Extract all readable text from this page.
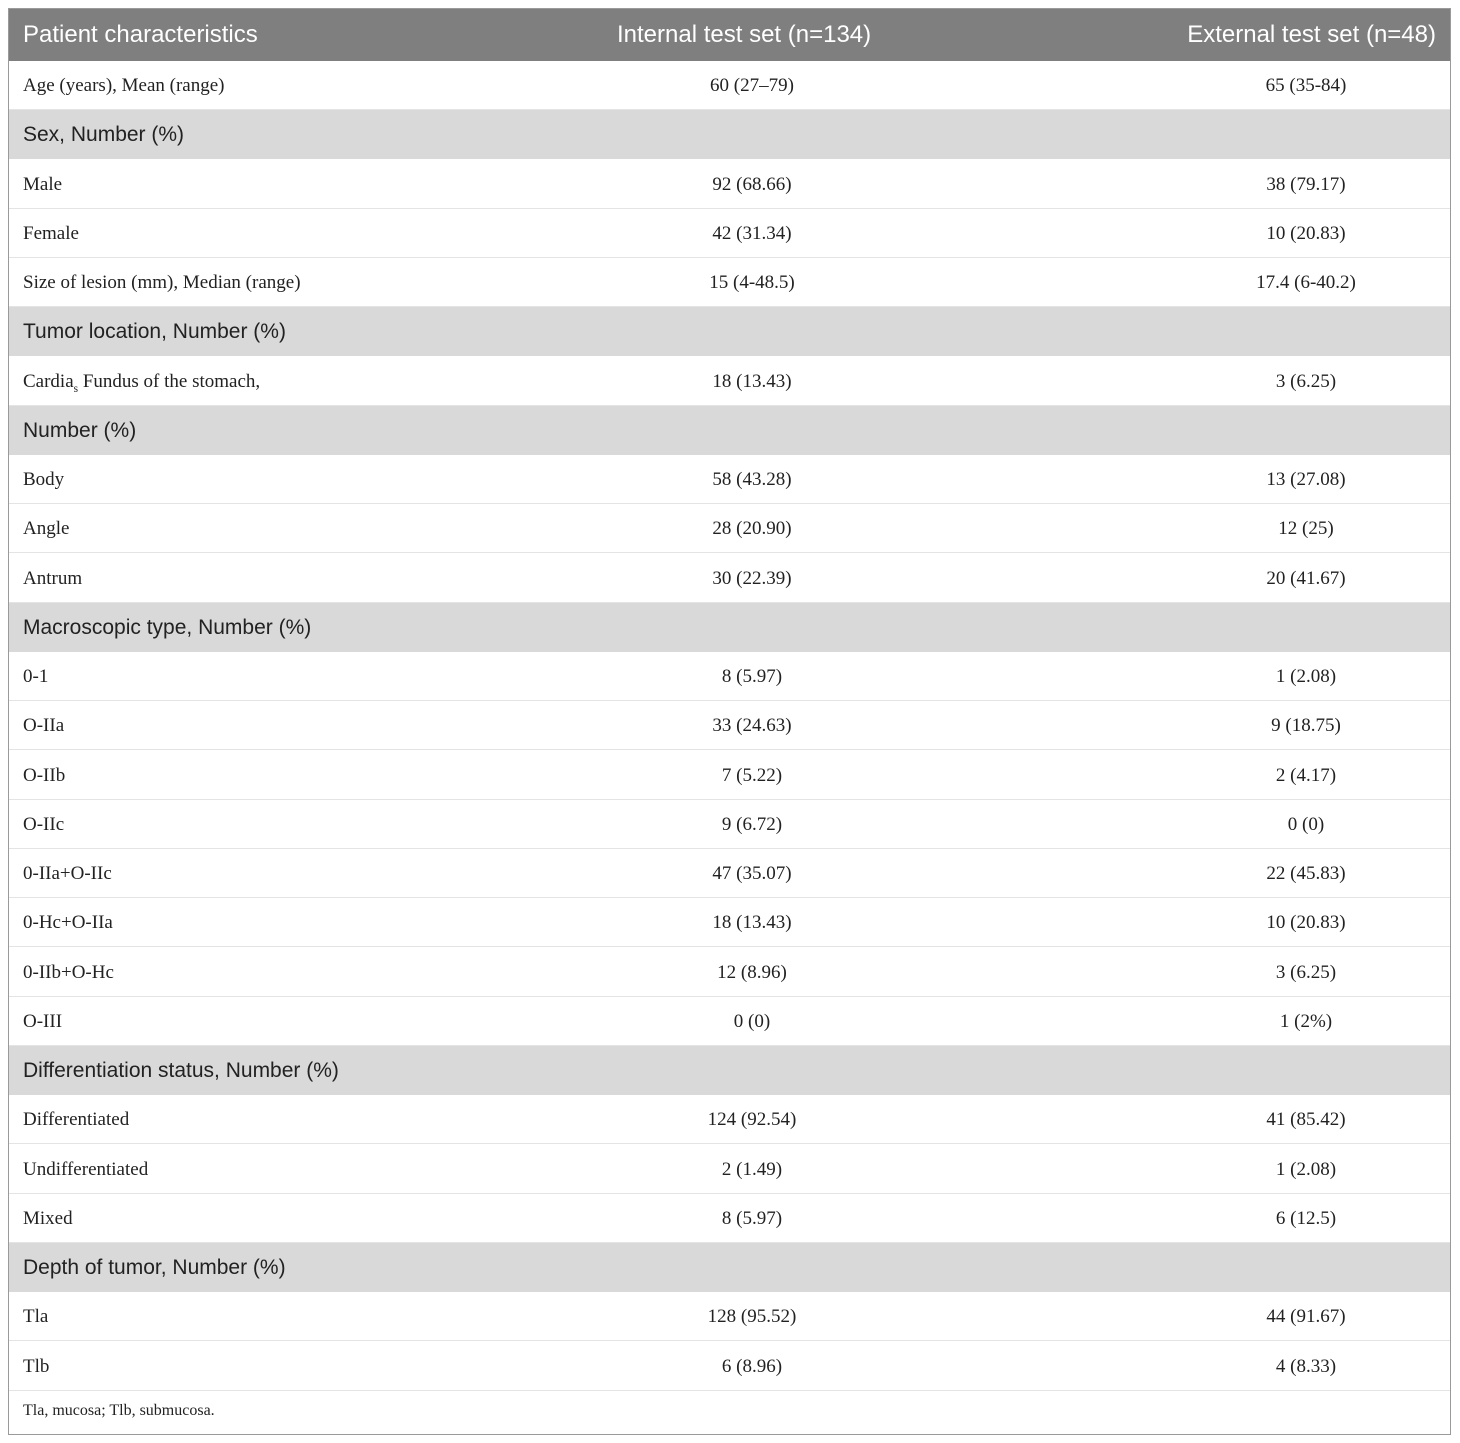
Patient characteristics	Internal test set (n=134)	External test set (n=48)
Age (years), Mean (range)	60 (27–79)	65 (35-84)
Sex, Number (%)
Male	92 (68.66)	38 (79.17)
Female	42 (31.34)	10 (20.83)
Size of lesion (mm), Median (range)	15 (4-48.5)	17.4 (6-40.2)
Tumor location, Number (%)
Cardia$_s$ Fundus of the stomach,	18 (13.43)	3 (6.25)
Number (%)
Body	58 (43.28)	13 (27.08)
Angle	28 (20.90)	12 (25)
Antrum	30 (22.39)	20 (41.67)
Macroscopic type, Number (%)
0-1	8 (5.97)	1 (2.08)
O-IIa	33 (24.63)	9 (18.75)
O-IIb	7 (5.22)	2 (4.17)
O-IIc	9 (6.72)	0 (0)
0-IIa+O-IIc	47 (35.07)	22 (45.83)
0-Hc+O-IIa	18 (13.43)	10 (20.83)
0-IIb+O-Hc	12 (8.96)	3 (6.25)
O-III	0 (0)	1 (2%)
Differentiation status, Number (%)
Differentiated	124 (92.54)	41 (85.42)
Undifferentiated	2 (1.49)	1 (2.08)
Mixed	8 (5.97)	6 (12.5)
Depth of tumor, Number (%)
Tla	128 (95.52)	44 (91.67)
Tlb	6 (8.96)	4 (8.33)
Tla, mucosa; Tlb, submucosa.
